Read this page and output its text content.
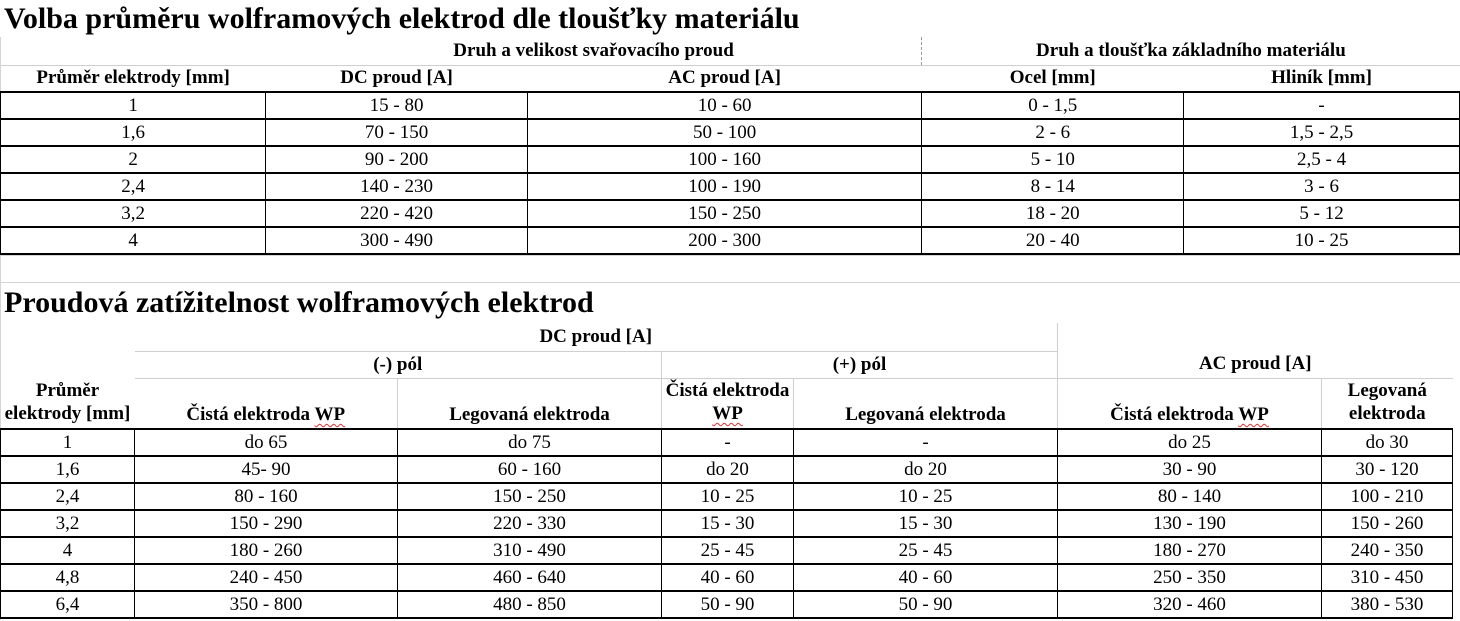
Volba průměru wolframových elektrod dle tloušťky materiálu
	Druh a velikost svařovacího proud		Druh a tloušťka základního materiálu	
Průměr elektrody [mm]	DC proud [A]	AC proud [A]	Ocel [mm]	Hliník [mm]
1	15 - 80	10 - 60	0 - 1,5	-
1,6	70 - 150	50 - 100	2 - 6	1,5 - 2,5
2	90 - 200	100 - 160	5 - 10	2,5 - 4
2,4	140 - 230	100 - 190	8 - 14	3 - 6
3,2	220 - 420	150 - 250	18 - 20	5 - 12
4	300 - 490	200 - 300	20 - 40	10 - 25
Proudová zatížitelnost wolframových elektrod
Průměr elektrody [mm]	DC proud [A]					
	(-) pól		(+) pól		AC proud [A]	
	Čistá elektroda WP	Legovaná elektroda	Čistá elektroda WP	Legovaná elektroda	Čistá elektroda WP	Legovaná elektroda
1	do 65	do 75	-	-	do 25	do 30
1,6	45- 90	60 - 160	do 20	do 20	30 - 90	30 - 120
2,4	80 - 160	150 - 250	10 - 25	10 - 25	80 - 140	100 - 210
3,2	150 - 290	220 - 330	15 - 30	15 - 30	130 - 190	150 - 260
4	180 - 260	310 - 490	25 - 45	25 - 45	180 - 270	240 - 350
4,8	240 - 450	460 - 640	40 - 60	40 - 60	250 - 350	310 - 450
6,4	350 - 800	480 - 850	50 - 90	50 - 90	320 - 460	380 - 530
